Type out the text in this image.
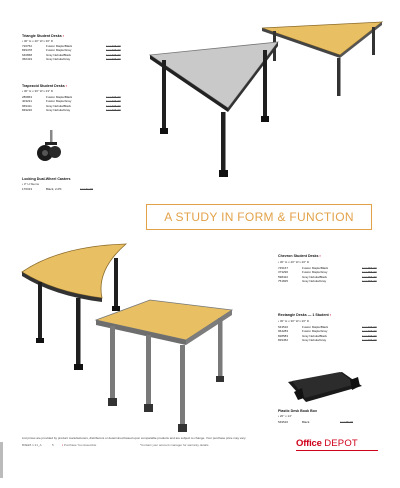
Triangle Student Desks ▪
• 30" H x 40" W x 30" D
726752	Fusion Maple/Black	List 336.00
839478	Fusion Maple/Gray	List 336.00
640868	Gray Nebula/Black	List 336.00
360419	Gray Nebula/Gray	List 336.00
Trapezoid Student Desks ▪
• 30" H x 30" W x 23" D
286863	Fusion Maple/Black	List 336.00
403231	Fusion Maple/Gray	List 336.00
969411	Gray Nebula/Black	List 336.00
849220	Gray Nebula/Gray	List 336.00
Locking Dual-Wheel Casters
• 3" H Stems
176313	Black, 2-PK	List 31.00
A STUDY IN FORM & FUNCTION
Chevron Student Desks ▪
• 30" H x 40" W x 20" D
745167	Fusion Maple/Black	List 356.00
373296	Fusion Maple/Gray	List 356.00
598422	Gray Nebula/Black	List 356.00
751825	Gray Nebula/Gray	List 356.00
Rectangle Desks — 1 Student ▪
• 30" H x 30" W x 20" D
543516	Fusion Maple/Black	List 306.00
964283	Fusion Maple/Gray	List 306.00
828583	Gray Nebula/Black	List 306.00
829452	Gray Nebula/Gray	List 306.00
Plastic Desk Book Box
• 20" x 14"
549516	Black	List 35.00
List prices are provided by product manufacturers, distributors or determined based upon comparable products and are subject to change. Your purchase price may vary.
B3EE5 1 21_A	5	▪ Purchase You Assemble	*Contact your account manager for warranty details.	Office DEPOT
